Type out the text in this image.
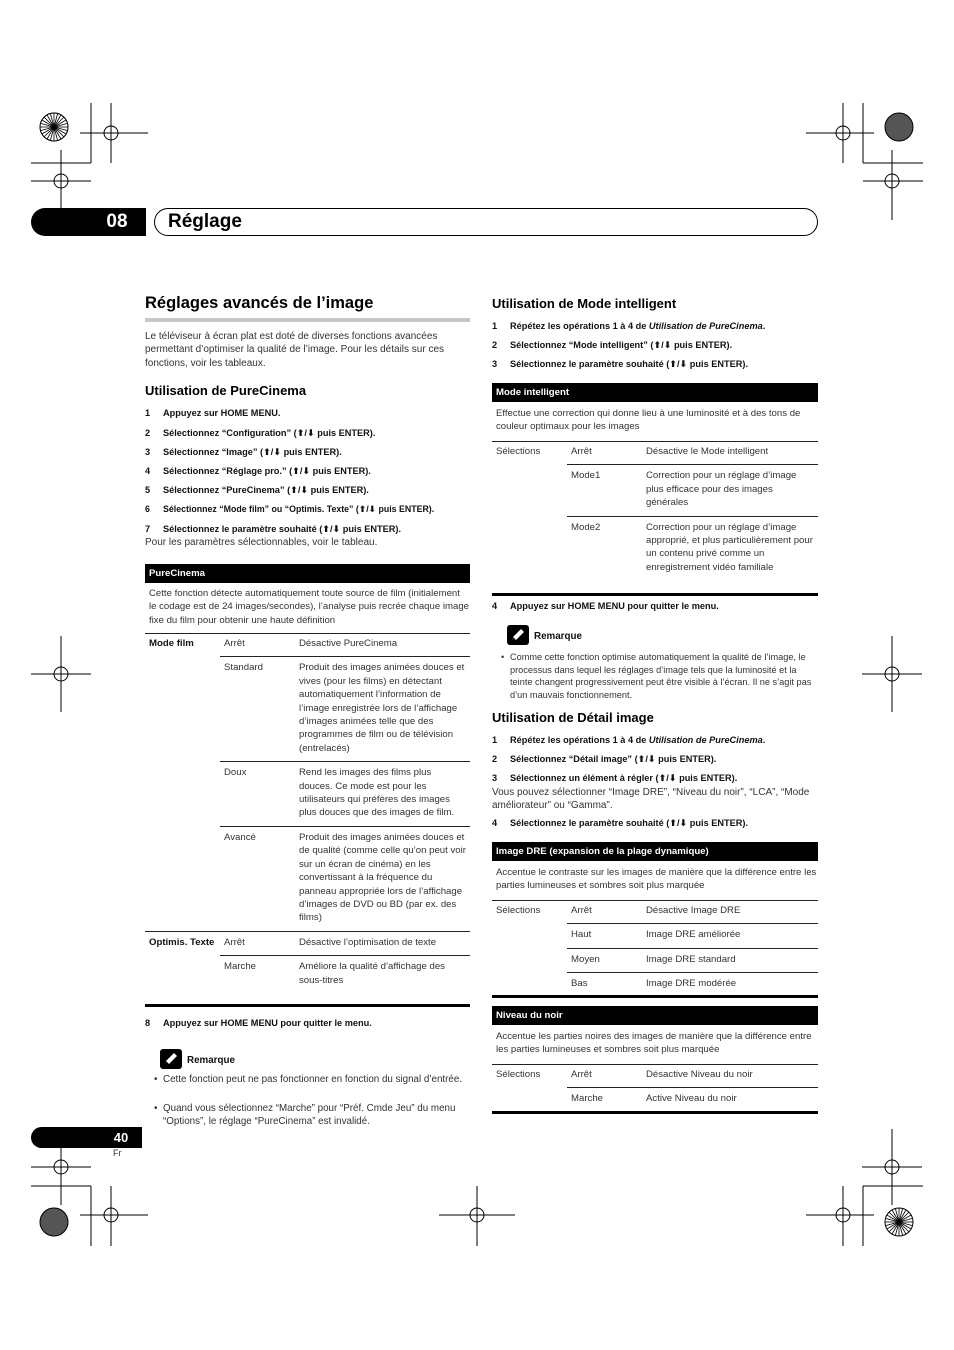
08	Réglage
Réglages avancés de l’image
Le téléviseur à écran plat est doté de diverses fonctions avancées permettant d’optimiser la qualité de l’image. Pour les détails sur ces fonctions, voir les tableaux.
Utilisation de PureCinema
1 Appuyez sur HOME MENU.
2 Sélectionnez “Configuration” (⬆/⬇ puis ENTER).
3 Sélectionnez “Image” (⬆/⬇ puis ENTER).
4 Sélectionnez “Réglage pro.” (⬆/⬇ puis ENTER).
5 Sélectionnez “PureCinema” (⬆/⬇ puis ENTER).
6 Sélectionnez “Mode film” ou “Optimis. Texte” (⬆/⬇ puis ENTER).
7 Sélectionnez le paramètre souhaité (⬆/⬇ puis ENTER).
Pour les paramètres sélectionnables, voir le tableau.
PureCinema
Cette fonction détecte automatiquement toute source de film (initialement le codage est de 24 images/secondes), l’analyse puis recrée chaque image fixe du film pour obtenir une haute définition
Mode film	Arrêt	Désactive PureCinema
	Standard	Produit des images animées douces et vives (pour les films) en détectant automatiquement l’information de l’image enregistrée lors de l’affichage d’images animées telle que des programmes de film ou de télévision (entrelacés)
	Doux	Rend les images des films plus douces. Ce mode est pour les utilisateurs qui préfères des images plus douces que des images de film.
	Avancé	Produit des images animées douces et de qualité (comme celle qu’on peut voir sur un écran de cinéma) en les convertissant à la fréquence du panneau appropriée lors de l’affichage d’images de DVD ou BD (par ex. des films)
Optimis. Texte	Arrêt	Désactive l’optimisation de texte
	Marche	Améliore la qualité d’affichage des sous-titres
8 Appuyez sur HOME MENU pour quitter le menu.
Remarque
• Cette fonction peut ne pas fonctionner en fonction du signal d’entrée.
• Quand vous sélectionnez “Marche” pour “Préf. Cmde Jeu” du menu “Options”, le réglage “PureCinema” est invalidé.
Utilisation de Mode intelligent
1 Répétez les opérations 1 à 4 de Utilisation de PureCinema.
2 Sélectionnez “Mode intelligent” (⬆/⬇ puis ENTER).
3 Sélectionnez le paramètre souhaité (⬆/⬇ puis ENTER).
Mode intelligent
Effectue une correction qui donne lieu à une luminosité et à des tons de couleur optimaux pour les images
Sélections	Arrêt	Désactive le Mode intelligent
	Mode1	Correction pour un réglage d’image plus efficace pour des images générales
	Mode2	Correction pour un réglage d’image approprié, et plus particulièrement pour un contenu privé comme un enregistrement vidéo familiale
4 Appuyez sur HOME MENU pour quitter le menu.
Remarque
• Comme cette fonction optimise automatiquement la qualité de l’image, le processus dans lequel les réglages d’image tels que la luminosité et la teinte changent progressivement peut être visible à l’écran. Il ne s’agit pas d’un mauvais fonctionnement.
Utilisation de Détail image
1 Répétez les opérations 1 à 4 de Utilisation de PureCinema.
2 Sélectionnez “Détail image” (⬆/⬇ puis ENTER).
3 Sélectionnez un élément à régler (⬆/⬇ puis ENTER).
Vous pouvez sélectionner “Image DRE”, “Niveau du noir”, “LCA”, “Mode améliorateur” ou “Gamma”.
4 Sélectionnez le paramètre souhaité (⬆/⬇ puis ENTER).
Image DRE (expansion de la plage dynamique)
Accentue le contraste sur les images de manière que la différence entre les parties lumineuses et sombres soit plus marquée
Sélections	Arrêt	Désactive Image DRE
	Haut	Image DRE améliorée
	Moyen	Image DRE standard
	Bas	Image DRE modérée
Niveau du noir
Accentue les parties noires des images de manière que la différence entre les parties lumineuses et sombres soit plus marquée
Sélections	Arrêt	Désactive Niveau du noir
	Marche	Active Niveau du noir
40
Fr
